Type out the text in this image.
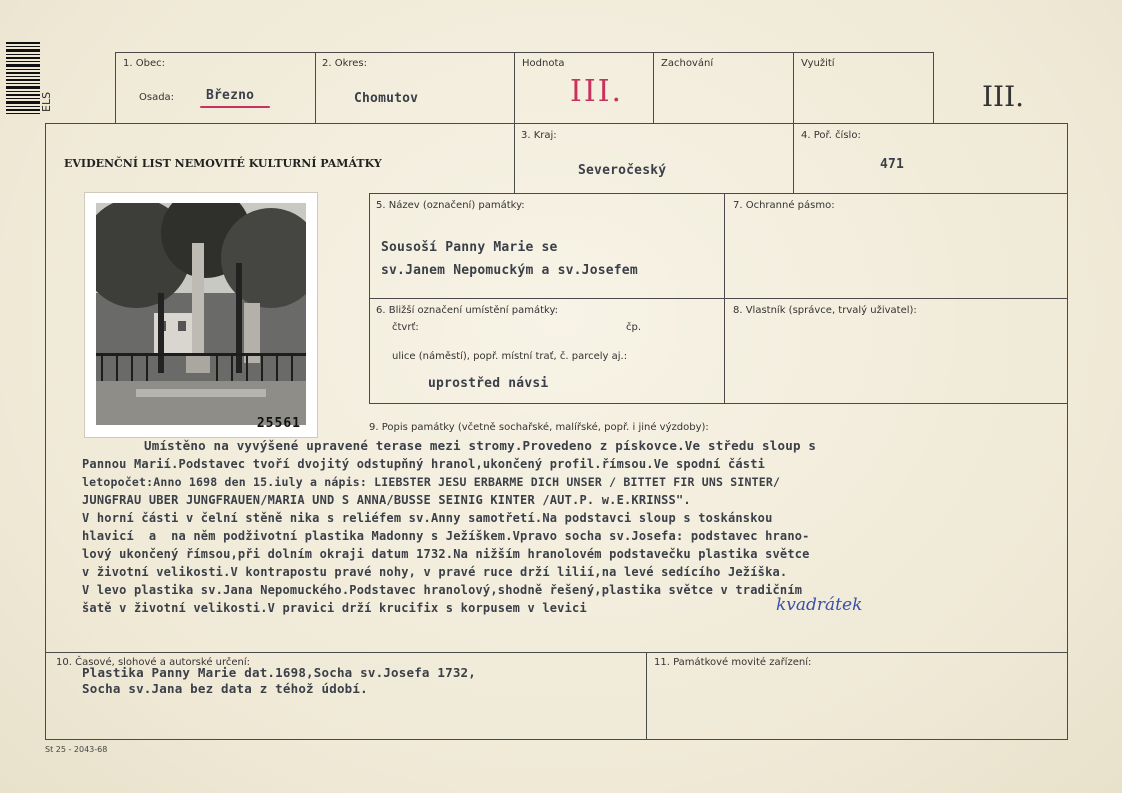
ELS
1. Obec:
Osada: Březno
2. Okres:
Chomutov
Hodnota
III.
Zachování	Využití
III.
EVIDENČNÍ LIST NEMOVITÉ KULTURNÍ PAMÁTKY
3. Kraj:
Severočeský
4. Poř. číslo:
471
25561
5. Název (označení) památky:
Sousoší Panny Marie se
sv.Janem Nepomuckým a sv.Josefem
7. Ochranné pásmo:
6. Bližší označení umístění památky:
čtvrť:	čp.
ulice (náměstí), popř. místní trať, č. parcely aj.:
uprostřed návsi
8. Vlastník (správce, trvalý uživatel):
9. Popis památky (včetně sochařské, malířské, popř. i jiné výzdoby):
Umístěno na vyvýšené upravené terase mezi stromy.Provedeno z pískovce.Ve středu sloup s
Pannou Marií.Podstavec tvoří dvojitý odstupňný hranol,ukončený profil.římsou.Ve spodní části
letopočet:Anno 1698 den 15.iuly a nápis: LIEBSTER JESU ERBARME DICH UNSER / BITTET FIR UNS SINTER/
JUNGFRAU UBER JUNGFRAUEN/MARIA UND S ANNA/BUSSE SEINIG KINTER /AUT.P. w.E.KRINSS".
V horní části v čelní stěně nika s reliéfem sv.Anny samotřetí.Na podstavci sloup s toskánskou
hlavicí  a  na něm podživotní plastika Madonny s Ježíškem.Vpravo socha sv.Josefa: podstavec hrano-
lový ukončený římsou,při dolním okraji datum 1732.Na nižším hranolovém podstavečku plastika světce
v životní velikosti.V kontrapostu pravé nohy, v pravé ruce drží lilií,na levé sedícího Ježíška.
V levo plastika sv.Jana Nepomuckého.Podstavec hranolový,shodně řešený,plastika světce v tradičním
šatě v životní velikosti.V pravici drží krucifix s korpusem v levici	kvadrátek
10. Časové, slohové a autorské určení:
Plastika Panny Marie dat.1698,Socha sv.Josefa 1732,
Socha sv.Jana bez data z téhož údobí.
11. Památkové movité zařízení:
St 25 - 2043-68
